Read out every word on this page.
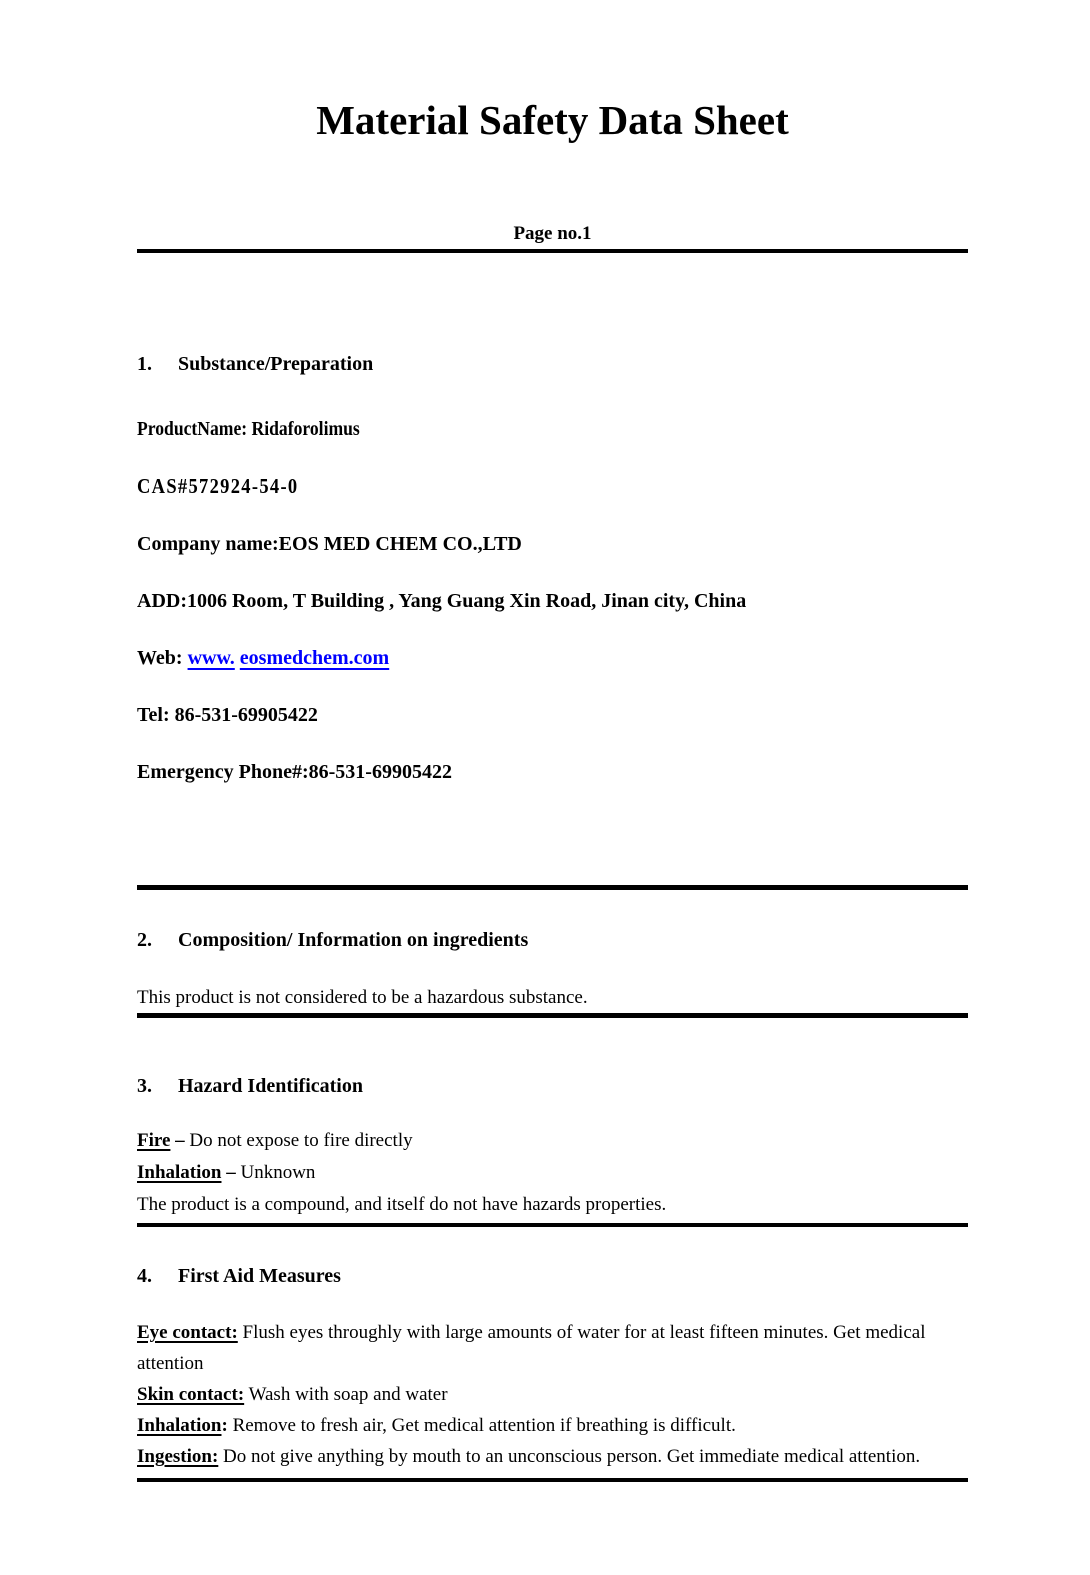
Material Safety Data Sheet
Page no.1
1. Substance/Preparation

ProductName: Ridaforolimus

CAS#572924-54-0

Company name:EOS MED CHEM CO.,LTD

ADD:1006 Room, T Building , Yang Guang Xin Road, Jinan city, China

Web: www. eosmedchem.com

Tel: 86-531-69905422

Emergency Phone#:86-531-69905422

2. Composition/ Information on ingredients

This product is not considered to be a hazardous substance.

3. Hazard Identification

Fire – Do not expose to fire directly

Inhalation – Unknown

The product is a compound, and itself do not have hazards properties.

4. First Aid Measures

Eye contact: Flush eyes throughly with large amounts of water for at least fifteen minutes. Get medical attention

Skin contact: Wash with soap and water

Inhalation: Remove to fresh air, Get medical attention if breathing is difficult.

Ingestion: Do not give anything by mouth to an unconscious person. Get immediate medical attention.
